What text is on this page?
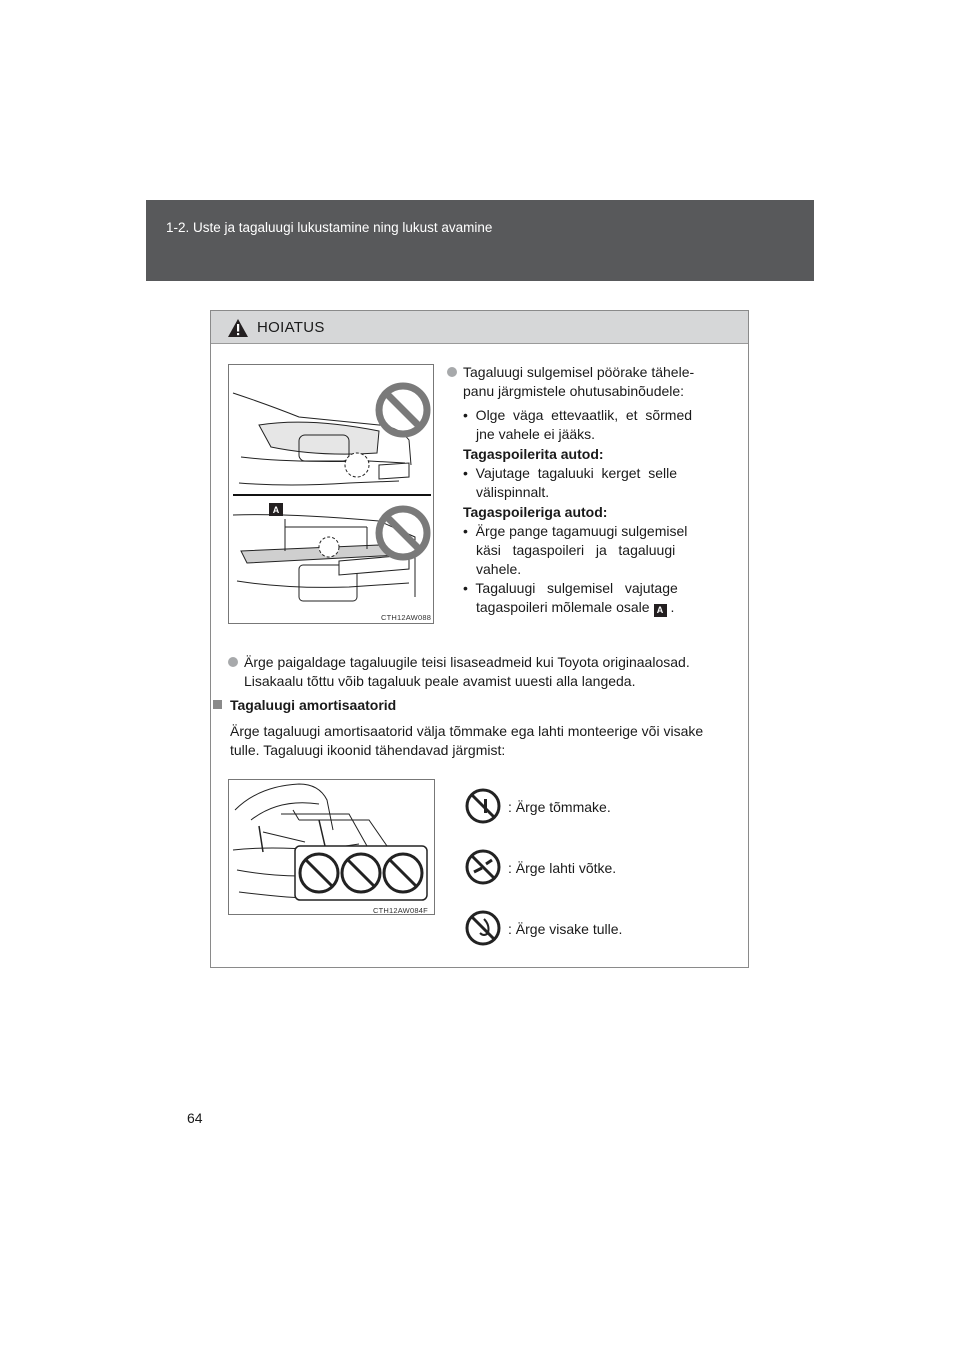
1-2. Uste ja tagaluugi lukustamine ning lukust avamine
HOIATUS
A
CTH12AW088
Tagaluugi sulgemisel pöörake tähele-
panu järgmistele ohutusabinõudele:
•  Olge  väga  ettevaatlik,  et  sõrmed
jne vahele ei jääks.
Tagaspoilerita autod:
•  Vajutage  tagaluuki  kerget  selle
välispinnalt.
Tagaspoileriga autod:
•  Ärge pange tagamuugi sulgemisel
käsi   tagaspoileri   ja   tagaluugi
vahele.
•  Tagaluugi   sulgemisel   vajutage
tagaspoileri mõlemale osale A .
Ärge paigaldage tagaluugile teisi lisaseadmeid kui Toyota originaalosad.
Lisakaalu tõttu võib tagaluuk peale avamist uuesti alla langeda.
Tagaluugi amortisaatorid
Ärge tagaluugi amortisaatorid välja tõmmake ega lahti monteerige või visake
tulle. Tagaluugi ikoonid tähendavad järgmist:
CTH12AW084F
: Ärge tõmmake.
: Ärge lahti võtke.
: Ärge visake tulle.
64
